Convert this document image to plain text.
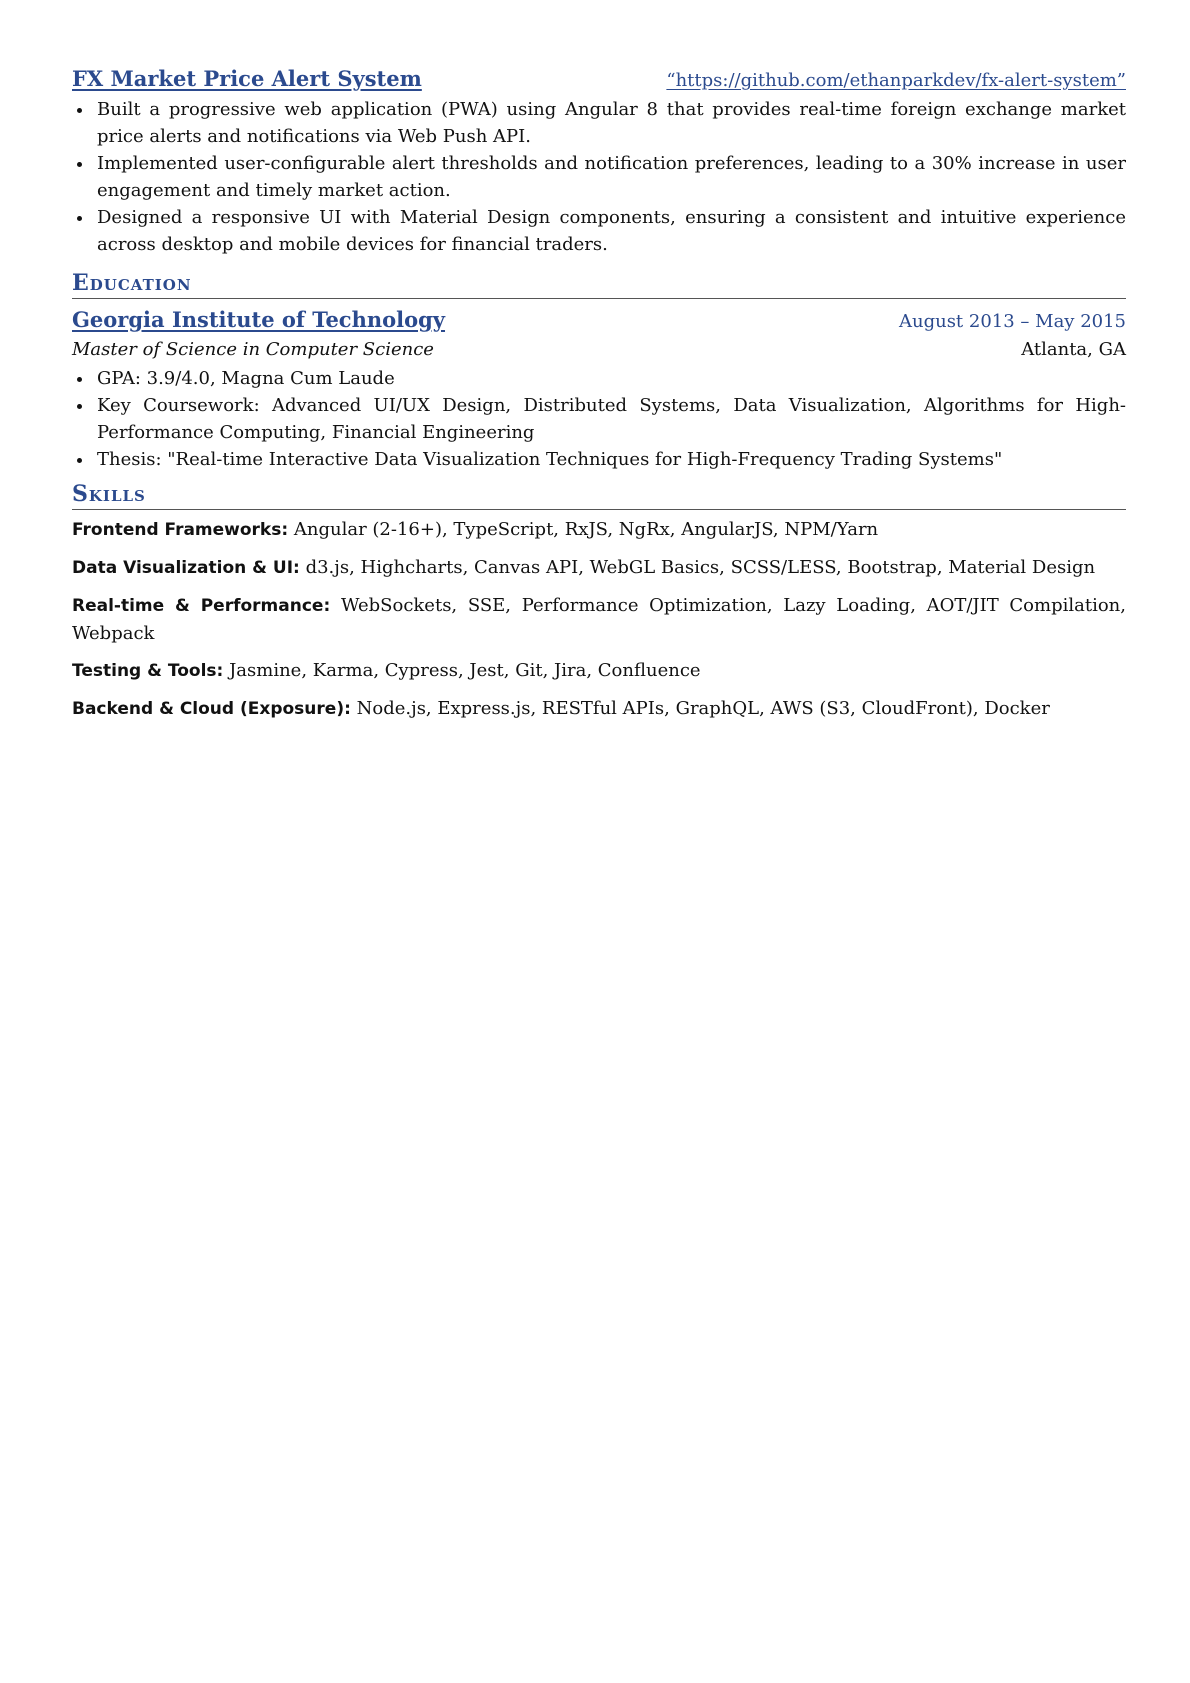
FX Market Price Alert System	“https://github.com/ethanparkdev/fx-alert-system”
Built a progressive web application (PWA) using Angular 8 that provides real-time foreign exchange market price alerts and notifications via Web Push API.
Implemented user-configurable alert thresholds and notification preferences, leading to a 30% increase in user engagement and timely market action.
Designed a responsive UI with Material Design components, ensuring a consistent and intuitive experience across desktop and mobile devices for financial traders.
Education
Georgia Institute of Technology	August 2013 – May 2015
Master of Science in Computer Science	Atlanta, GA
GPA: 3.9/4.0, Magna Cum Laude
Key Coursework: Advanced UI/UX Design, Distributed Systems, Data Visualization, Algorithms for High-Performance Computing, Financial Engineering
Thesis: "Real-time Interactive Data Visualization Techniques for High-Frequency Trading Systems"
Skills
Frontend Frameworks: Angular (2-16+), TypeScript, RxJS, NgRx, AngularJS, NPM/Yarn
Data Visualization & UI: d3.js, Highcharts, Canvas API, WebGL Basics, SCSS/LESS, Bootstrap, Material Design
Real-time & Performance: WebSockets, SSE, Performance Optimization, Lazy Loading, AOT/JIT Compilation, Webpack
Testing & Tools: Jasmine, Karma, Cypress, Jest, Git, Jira, Confluence
Backend & Cloud (Exposure): Node.js, Express.js, RESTful APIs, GraphQL, AWS (S3, CloudFront), Docker
